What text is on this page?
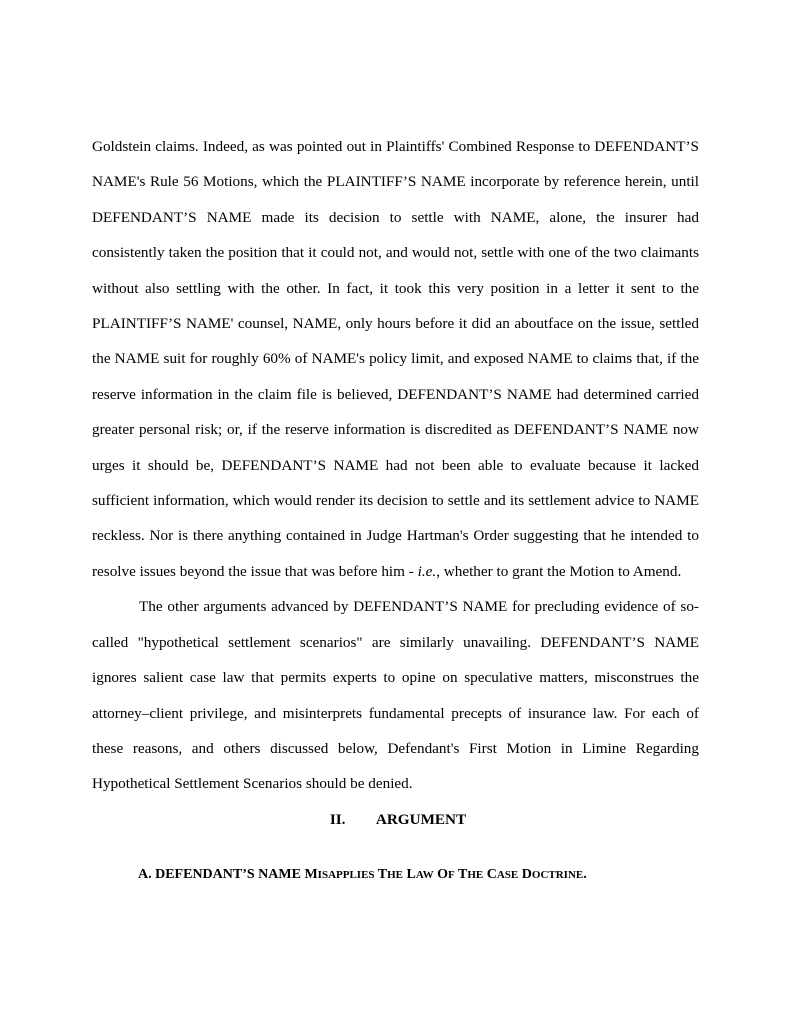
Goldstein claims. Indeed, as was pointed out in Plaintiffs' Combined Response to DEFENDANT’S NAME's Rule 56 Motions, which the PLAINTIFF’S NAME incorporate by reference herein, until DEFENDANT’S NAME made its decision to settle with NAME, alone, the insurer had consistently taken the position that it could not, and would not, settle with one of the two claimants without also settling with the other. In fact, it took this very position in a letter it sent to the PLAINTIFF’S NAME' counsel, NAME, only hours before it did an aboutface on the issue, settled the NAME suit for roughly 60% of NAME's policy limit, and exposed NAME to claims that, if the reserve information in the claim file is believed, DEFENDANT’S NAME had determined carried greater personal risk; or, if the reserve information is discredited as DEFENDANT’S NAME now urges it should be, DEFENDANT’S NAME had not been able to evaluate because it lacked sufficient information, which would render its decision to settle and its settlement advice to NAME reckless. Nor is there anything contained in Judge Hartman's Order suggesting that he intended to resolve issues beyond the issue that was before him - i.e., whether to grant the Motion to Amend.

The other arguments advanced by DEFENDANT’S NAME for precluding evidence of so-called "hypothetical settlement scenarios" are similarly unavailing. DEFENDANT’S NAME ignores salient case law that permits experts to opine on speculative matters, misconstrues the attorney–client privilege, and misinterprets fundamental precepts of insurance law. For each of these reasons, and others discussed below, Defendant's First Motion in Limine Regarding Hypothetical Settlement Scenarios should be denied.

II. ARGUMENT

A. DEFENDANT’S NAME MISAPPLIES THE LAW OF THE CASE DOCTRINE.
